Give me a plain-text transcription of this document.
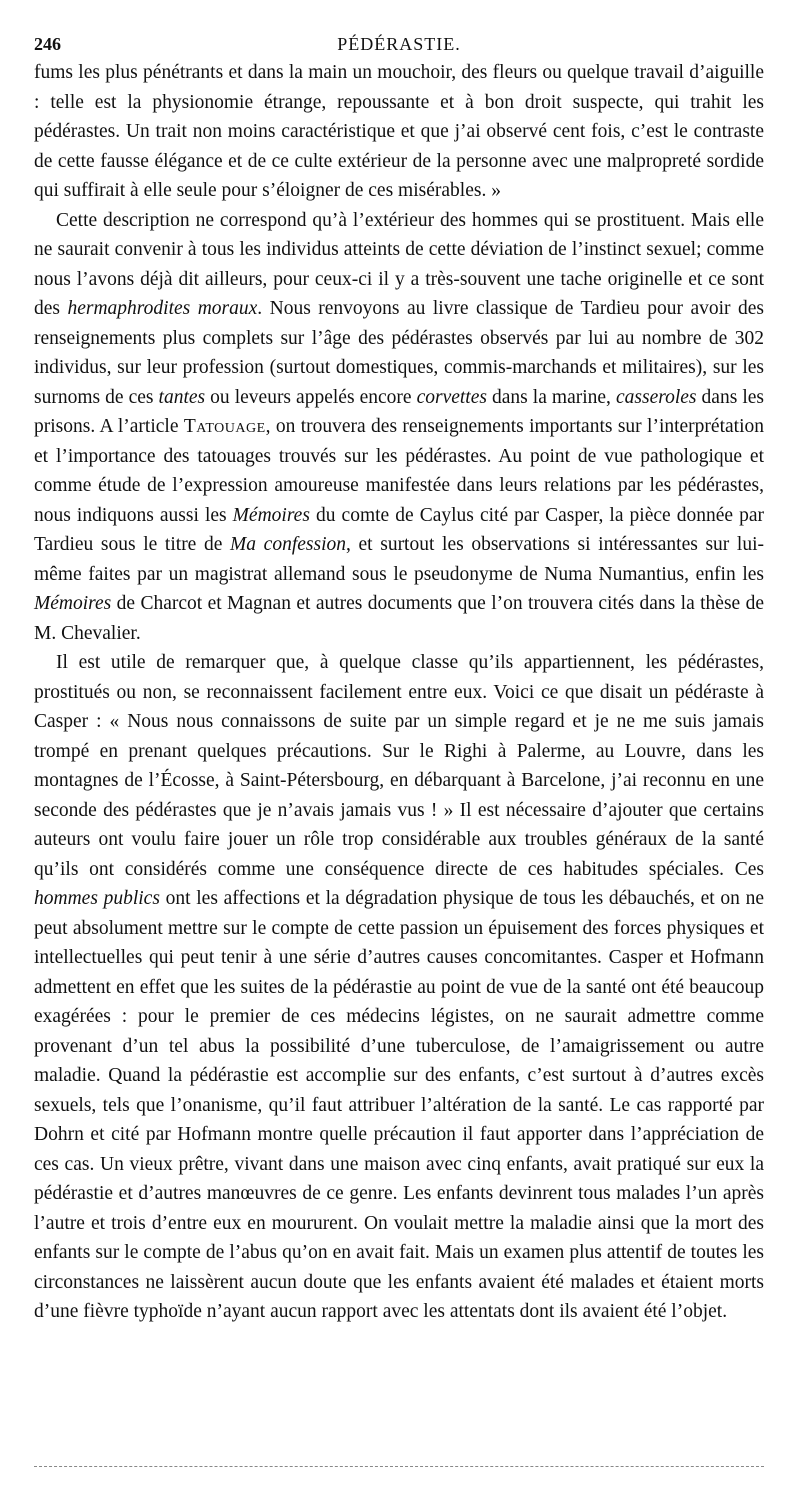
246	PÉDÉRASTIE.

fums les plus pénétrants et dans la main un mouchoir, des fleurs ou quelque travail d’aiguille : telle est la physionomie étrange, repoussante et à bon droit suspecte, qui trahit les pédérastes. Un trait non moins caractéristique et que j’ai observé cent fois, c’est le contraste de cette fausse élégance et de ce culte extérieur de la personne avec une malpropreté sordide qui suffirait à elle seule pour s’éloigner de ces misérables. »

Cette description ne correspond qu’à l’extérieur des hommes qui se prostituent. Mais elle ne saurait convenir à tous les individus atteints de cette déviation de l’instinct sexuel; comme nous l’avons déjà dit ailleurs, pour ceux-ci il y a très-souvent une tache originelle et ce sont des hermaphrodites moraux. Nous renvoyons au livre classique de Tardieu pour avoir des renseignements plus complets sur l’âge des pédérastes observés par lui au nombre de 302 individus, sur leur profession (surtout domestiques, commis-marchands et militaires), sur les surnoms de ces tantes ou leveurs appelés encore corvettes dans la marine, casseroles dans les prisons. A l’article Tatouage, on trouvera des renseignements importants sur l’interprétation et l’importance des tatouages trouvés sur les pédérastes. Au point de vue pathologique et comme étude de l’expression amoureuse manifestée dans leurs relations par les pédérastes, nous indiquons aussi les Mémoires du comte de Caylus cité par Casper, la pièce donnée par Tardieu sous le titre de Ma confession, et surtout les observations si intéressantes sur lui-même faites par un magistrat allemand sous le pseudonyme de Numa Numantius, enfin les Mémoires de Charcot et Magnan et autres documents que l’on trouvera cités dans la thèse de M. Chevalier.

Il est utile de remarquer que, à quelque classe qu’ils appartiennent, les pédérastes, prostitués ou non, se reconnaissent facilement entre eux. Voici ce que disait un pédéraste à Casper : « Nous nous connaissons de suite par un simple regard et je ne me suis jamais trompé en prenant quelques précautions. Sur le Righi à Palerme, au Louvre, dans les montagnes de l’Écosse, à Saint-Pétersbourg, en débarquant à Barcelone, j’ai reconnu en une seconde des pédérastes que je n’avais jamais vus ! » Il est nécessaire d’ajouter que certains auteurs ont voulu faire jouer un rôle trop considérable aux troubles généraux de la santé qu’ils ont considérés comme une conséquence directe de ces habitudes spéciales. Ces hommes publics ont les affections et la dégradation physique de tous les débauchés, et on ne peut absolument mettre sur le compte de cette passion un épuisement des forces physiques et intellectuelles qui peut tenir à une série d’autres causes concomitantes. Casper et Hofmann admettent en effet que les suites de la pédérastie au point de vue de la santé ont été beaucoup exagérées : pour le premier de ces médecins légistes, on ne saurait admettre comme provenant d’un tel abus la possibilité d’une tuberculose, de l’amaigrissement ou autre maladie. Quand la pédérastie est accomplie sur des enfants, c’est surtout à d’autres excès sexuels, tels que l’onanisme, qu’il faut attribuer l’altération de la santé. Le cas rapporté par Dohrn et cité par Hofmann montre quelle précaution il faut apporter dans l’appréciation de ces cas. Un vieux prêtre, vivant dans une maison avec cinq enfants, avait pratiqué sur eux la pédérastie et d’autres manœuvres de ce genre. Les enfants devinrent tous malades l’un après l’autre et trois d’entre eux en moururent. On voulait mettre la maladie ainsi que la mort des enfants sur le compte de l’abus qu’on en avait fait. Mais un examen plus attentif de toutes les circonstances ne laissèrent aucun doute que les enfants avaient été malades et étaient morts d’une fièvre typhoïde n’ayant aucun rapport avec les attentats dont ils avaient été l’objet.
